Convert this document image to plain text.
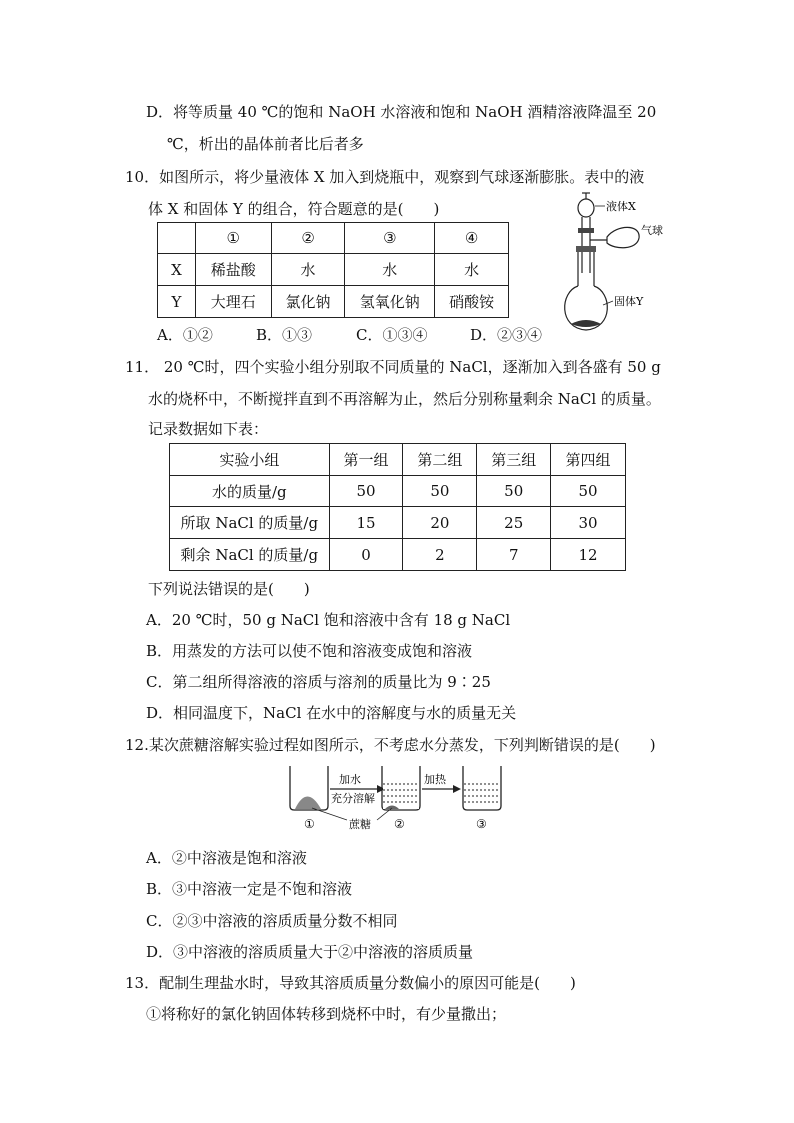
D．将等质量 40 ℃的饱和 NaOH 水溶液和饱和 NaOH 酒精溶液降温至 20
℃，析出的晶体前者比后者多
10．如图所示，将少量液体 X 加入到烧瓶中，观察到气球逐渐膨胀。表中的液
体 X 和固体 Y 的组合，符合题意的是(　　)
	①	②	③	④
X	稀盐酸	水	水	水
Y	大理石	氯化钠	氢氧化钠	硝酸铵
A．①②	B．①③	C．①③④	D．②③④
液体X
气球
固体Y
11． 20 ℃时，四个实验小组分别取不同质量的 NaCl，逐渐加入到各盛有 50 g
水的烧杯中，不断搅拌直到不再溶解为止，然后分别称量剩余 NaCl 的质量。
记录数据如下表：
实验小组	第一组	第二组	第三组	第四组
水的质量/g	50	50	50	50
所取 NaCl 的质量/g	15	20	25	30
剩余 NaCl 的质量/g	0	2	7	12
下列说法错误的是(　　)
A．20 ℃时，50 g NaCl 饱和溶液中含有 18 g NaCl
B．用蒸发的方法可以使不饱和溶液变成饱和溶液
C．第二组所得溶液的溶质与溶剂的质量比为 9∶25
D．相同温度下，NaCl 在水中的溶解度与水的质量无关
12.某次蔗糖溶解实验过程如图所示，不考虑水分蒸发，下列判断错误的是(　　)
加水
充分溶解
加热
①	蔗糖 ②	③
A．②中溶液是饱和溶液
B．③中溶液一定是不饱和溶液
C．②③中溶液的溶质质量分数不相同
D．③中溶液的溶质质量大于②中溶液的溶质质量
13．配制生理盐水时，导致其溶质质量分数偏小的原因可能是(　　)
①将称好的氯化钠固体转移到烧杯中时，有少量撒出；
